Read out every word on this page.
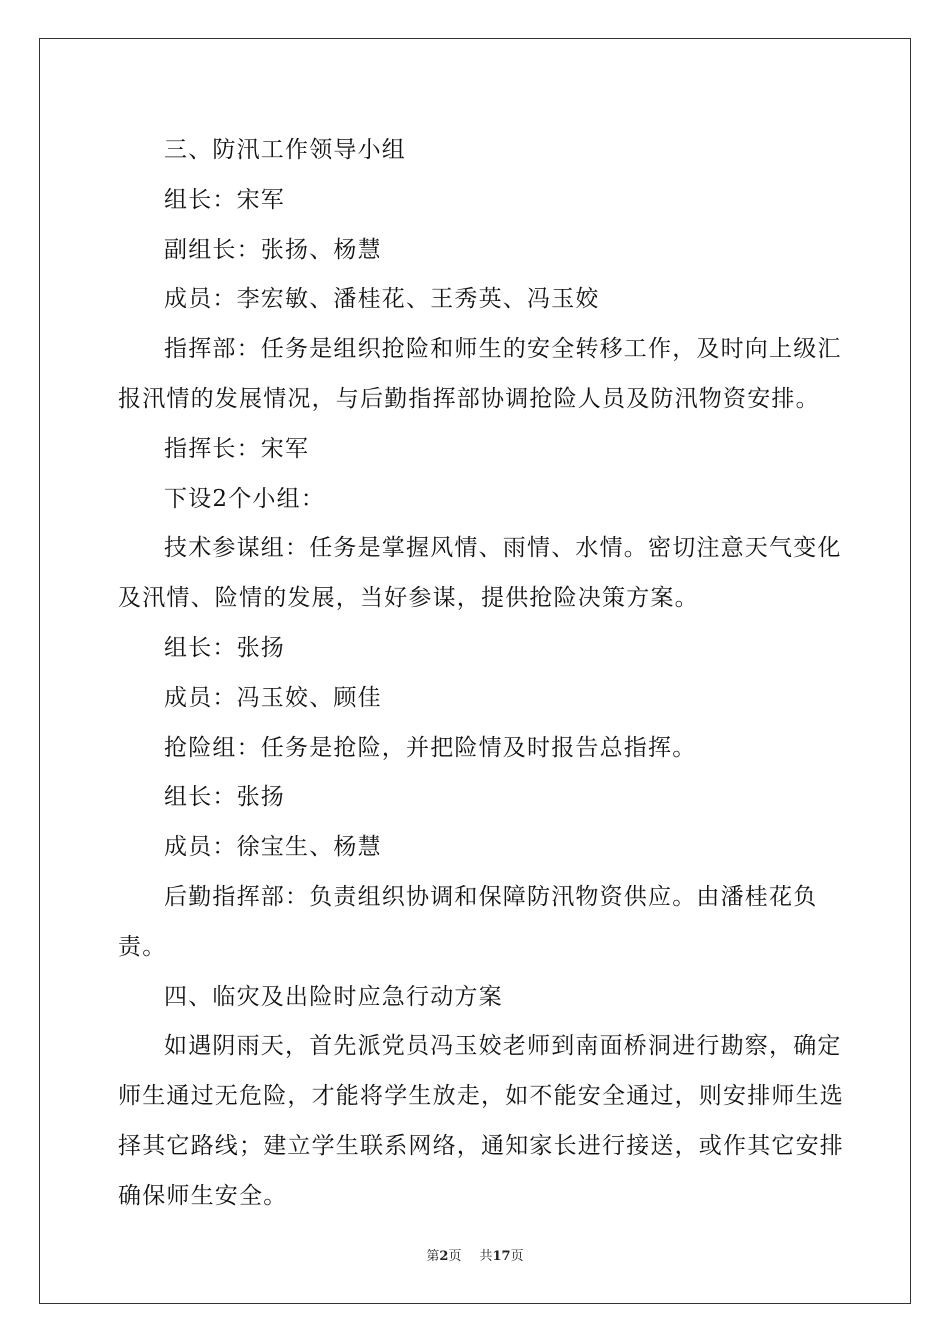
三、防汛工作领导小组

组长：宋军

副组长：张扬、杨慧

成员：李宏敏、潘桂花、王秀英、冯玉姣

指挥部：任务是组织抢险和师生的安全转移工作，及时向上级汇报汛情的发展情况，与后勤指挥部协调抢险人员及防汛物资安排。

指挥长：宋军

下设2个小组：

技术参谋组：任务是掌握风情、雨情、水情。密切注意天气变化及汛情、险情的发展，当好参谋，提供抢险决策方案。

组长：张扬

成员：冯玉姣、顾佳

抢险组：任务是抢险，并把险情及时报告总指挥。

组长：张扬

成员：徐宝生、杨慧

后勤指挥部：负责组织协调和保障防汛物资供应。由潘桂花负责。

四、临灾及出险时应急行动方案

如遇阴雨天，首先派党员冯玉姣老师到南面桥洞进行勘察，确定师生通过无危险，才能将学生放走，如不能安全通过，则安排师生选择其它路线；建立学生联系网络，通知家长进行接送，或作其它安排确保师生安全。

第2页 共17页
